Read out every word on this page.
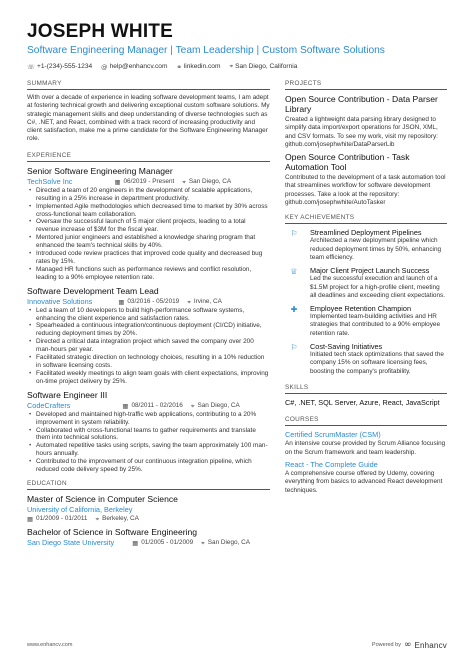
JOSEPH WHITE
Software Engineering Manager | Team Leadership | Custom Software Solutions
☏ +1-(234)-555-1234 @ help@enhancv.com ⚭ linkedin.com ⌖ San Diego, California
SUMMARY
With over a decade of experience in leading software development teams, I am adept at fostering technical growth and delivering exceptional custom software solutions. My strategic management skills and deep understanding of diverse technologies such as C#, .NET, and React, combined with a track record of increasing productivity and client satisfaction, make me a prime candidate for the Software Engineering Manager role.
EXPERIENCE
Senior Software Engineering Manager
TechSolve Inc	▦ 06/2019 - Present ⌖ San Diego, CA
• Directed a team of 20 engineers in the development of scalable applications, resulting in a 25% increase in department productivity.
• Implemented Agile methodologies which decreased time to market by 30% across cross-functional team collaboration.
• Oversaw the successful launch of 5 major client projects, leading to a total revenue increase of $3M for the fiscal year.
• Mentored junior engineers and established a knowledge sharing program that enhanced the team's technical skills by 40%.
• Introduced code review practices that improved code quality and decreased bug rates by 15%.
• Managed HR functions such as performance reviews and conflict resolution, leading to a 90% employee retention rate.
Software Development Team Lead
Innovative Solutions	▦ 03/2016 - 05/2019 ⌖ Irvine, CA
• Led a team of 10 developers to build high-performance software systems, enhancing the client experience and satisfaction rates.
• Spearheaded a continuous integration/continuous deployment (CI/CD) initiative, reducing deployment times by 20%.
• Directed a critical data integration project which saved the company over 200 man-hours per year.
• Facilitated strategic direction on technology choices, resulting in a 10% reduction in software licensing costs.
• Facilitated weekly meetings to align team goals with client expectations, improving on-time project delivery by 25%.
Software Engineer III
CodeCrafters	▦ 08/2011 - 02/2016 ⌖ San Diego, CA
• Developed and maintained high-traffic web applications, contributing to a 20% improvement in system reliability.
• Collaborated with cross-functional teams to gather requirements and translate them into technical solutions.
• Automated repetitive tasks using scripts, saving the team approximately 100 man-hours annually.
• Contributed to the improvement of our continuous integration pipeline, which reduced code delivery speed by 25%.
EDUCATION
Master of Science in Computer Science
University of California, Berkeley
▦ 01/2009 - 01/2011 ⌖ Berkeley, CA
Bachelor of Science in Software Engineering
San Diego State University	▦ 01/2005 - 01/2009 ⌖ San Diego, CA
PROJECTS
Open Source Contribution - Data Parser Library
Created a lightweight data parsing library designed to simplify data import/export operations for JSON, XML, and CSV formats. To see my work, visit my repository: github.com/josephwhite/DataParserLib
Open Source Contribution - Task Automation Tool
Contributed to the development of a task automation tool that streamlines workflow for software development processes. Take a look at the repository: github.com/josephwhite/AutoTasker
KEY ACHIEVEMENTS
⚐	Streamlined Deployment Pipelines
Architected a new deployment pipeline which reduced deployment times by 50%, enhancing team efficiency.
♕	Major Client Project Launch Success
Led the successful execution and launch of a $1.5M project for a high-profile client, meeting all deadlines and exceeding client expectations.
✚	Employee Retention Champion
Implemented team-building activities and HR strategies that contributed to a 90% employee retention rate.
⚐	Cost-Saving Initiatives
Initiated tech stack optimizations that saved the company 15% on software licensing fees, boosting the company's profitability.
SKILLS
C#, .NET, SQL Server, Azure, React, JavaScript
COURSES
Certified ScrumMaster (CSM)
An intensive course provided by Scrum Alliance focusing on the Scrum framework and team leadership.
React - The Complete Guide
A comprehensive course offered by Udemy, covering everything from basics to advanced React development techniques.
www.enhancv.com	Powered by ∞ Enhancv
